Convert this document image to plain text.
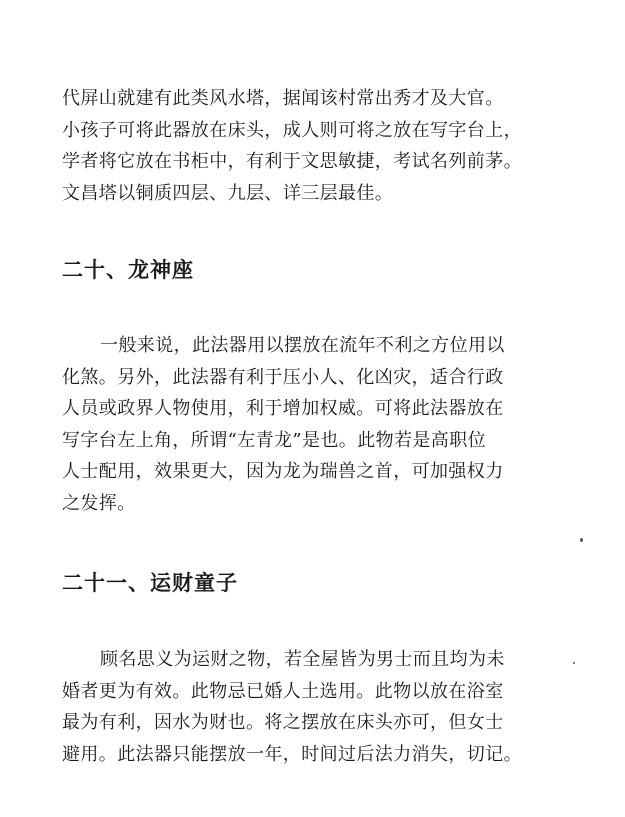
代屏山就建有此类风水塔，据闻该村常出秀才及大官。
小孩子可将此器放在床头，成人则可将之放在写字台上，
学者将它放在书柜中，有利于文思敏捷，考试名列前茅。
文昌塔以铜质四层、九层、详三层最佳。
二十、龙神座
一般来说，此法器用以摆放在流年不利之方位用以
化煞。另外，此法器有利于压小人、化凶灾，适合行政
人员或政界人物使用，利于增加权威。可将此法器放在
写字台左上角，所谓“左青龙”是也。此物若是高职位
人士配用，效果更大，因为龙为瑞兽之首，可加强权力
之发挥。
二十一、运财童子
顾名思义为运财之物，若全屋皆为男士而且均为未
婚者更为有效。此物忌已婚人土选用。此物以放在浴室
最为有利，因水为财也。将之摆放在床头亦可，但女士
避用。此法器只能摆放一年，时间过后法力消失，切记。
